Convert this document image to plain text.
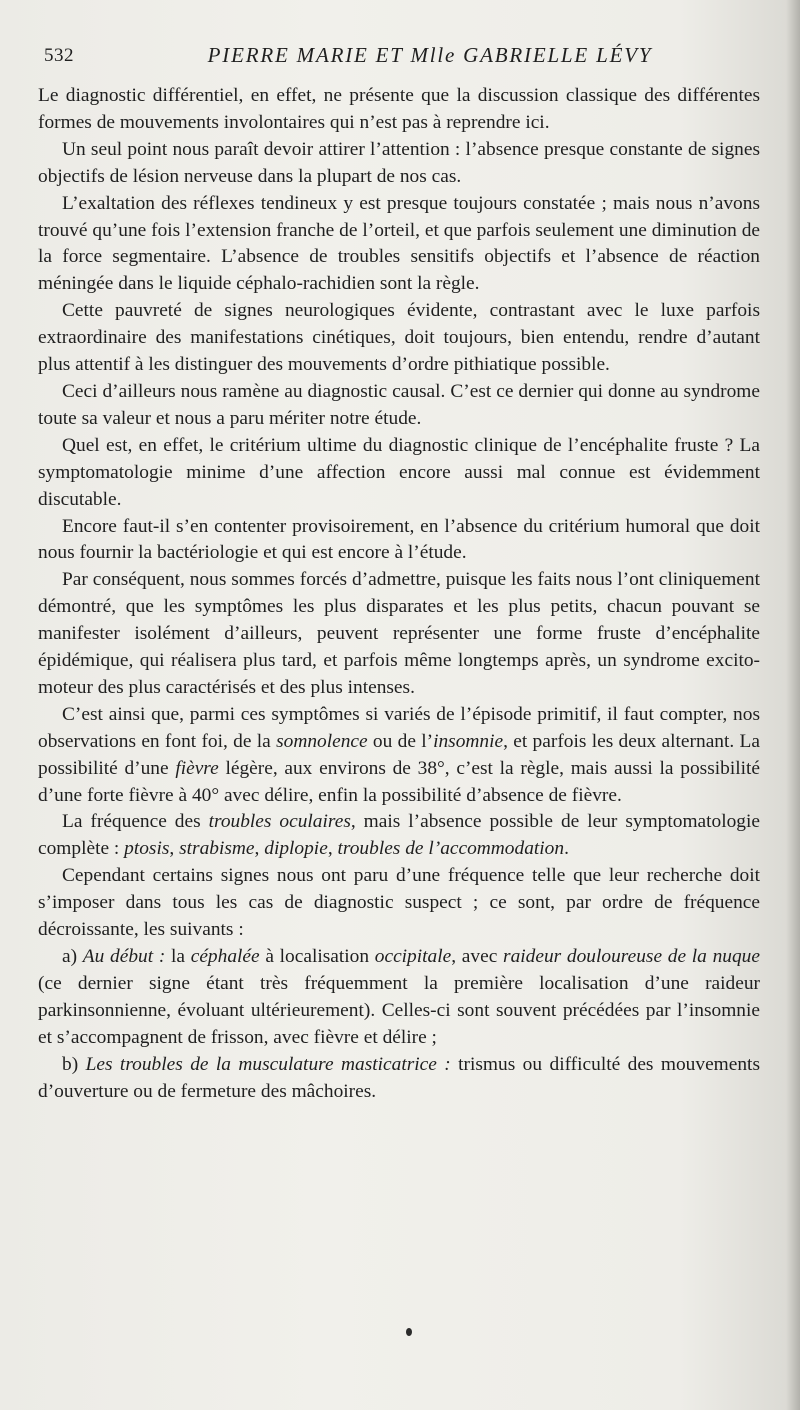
532	PIERRE MARIE ET Mlle GABRIELLE LÉVY

Le diagnostic différentiel, en effet, ne présente que la discussion classique des différentes formes de mouvements involontaires qui n’est pas à reprendre ici.

Un seul point nous paraît devoir attirer l’attention : l’absence presque constante de signes objectifs de lésion nerveuse dans la plupart de nos cas.

L’exaltation des réflexes tendineux y est presque toujours constatée ; mais nous n’avons trouvé qu’une fois l’extension franche de l’orteil, et que parfois seulement une diminution de la force segmentaire. L’absence de troubles sensitifs objectifs et l’absence de réaction méningée dans le liquide céphalo-rachidien sont la règle.

Cette pauvreté de signes neurologiques évidente, contrastant avec le luxe parfois extraordinaire des manifestations cinétiques, doit toujours, bien entendu, rendre d’autant plus attentif à les distinguer des mouvements d’ordre pithiatique possible.

Ceci d’ailleurs nous ramène au diagnostic causal. C’est ce dernier qui donne au syndrome toute sa valeur et nous a paru mériter notre étude.

Quel est, en effet, le critérium ultime du diagnostic clinique de l’encéphalite fruste ? La symptomatologie minime d’une affection encore aussi mal connue est évidemment discutable.

Encore faut-il s’en contenter provisoirement, en l’absence du critérium humoral que doit nous fournir la bactériologie et qui est encore à l’étude.

Par conséquent, nous sommes forcés d’admettre, puisque les faits nous l’ont cliniquement démontré, que les symptômes les plus disparates et les plus petits, chacun pouvant se manifester isolément d’ailleurs, peuvent représenter une forme fruste d’encéphalite épidémique, qui réalisera plus tard, et parfois même longtemps après, un syndrome excito-moteur des plus caractérisés et des plus intenses.

C’est ainsi que, parmi ces symptômes si variés de l’épisode primitif, il faut compter, nos observations en font foi, de la somnolence ou de l’insomnie, et parfois les deux alternant. La possibilité d’une fièvre légère, aux environs de 38°, c’est la règle, mais aussi la possibilité d’une forte fièvre à 40° avec délire, enfin la possibilité d’absence de fièvre.

La fréquence des troubles oculaires, mais l’absence possible de leur symptomatologie complète : ptosis, strabisme, diplopie, troubles de l’accommodation.

Cependant certains signes nous ont paru d’une fréquence telle que leur recherche doit s’imposer dans tous les cas de diagnostic suspect ; ce sont, par ordre de fréquence décroissante, les suivants :

a) Au début : la céphalée à localisation occipitale, avec raideur douloureuse de la nuque (ce dernier signe étant très fréquemment la première localisation d’une raideur parkinsonnienne, évoluant ultérieurement). Celles-ci sont souvent précédées par l’insomnie et s’accompagnent de frisson, avec fièvre et délire ;

b) Les troubles de la musculature masticatrice : trismus ou difficulté des mouvements d’ouverture ou de fermeture des mâchoires.
